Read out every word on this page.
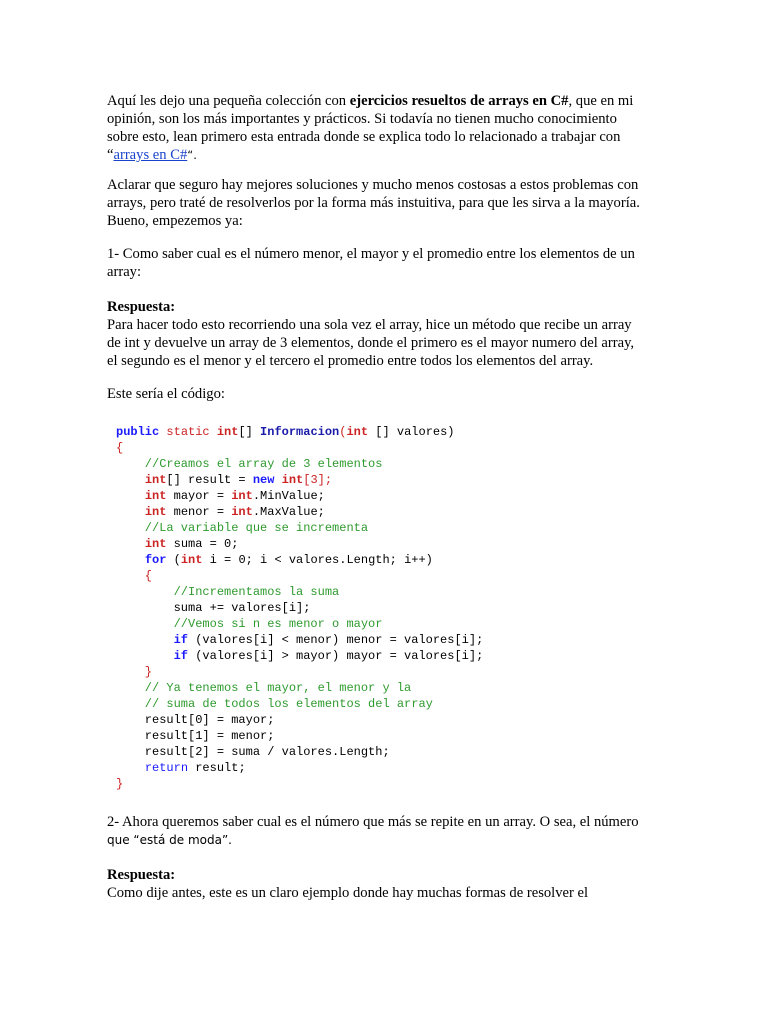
Aquí les dejo una pequeña colección con ejercicios resueltos de arrays en C#, que en mi
opinión, son los más importantes y prácticos. Si todavía no tienen mucho conocimiento
sobre esto, lean primero esta entrada donde se explica todo lo relacionado a trabajar con
“arrays en C#“.
Aclarar que seguro hay mejores soluciones y mucho menos costosas a estos problemas con
arrays, pero traté de resolverlos por la forma más instuitiva, para que les sirva a la mayoría.
Bueno, empezemos ya:
1- Como saber cual es el número menor, el mayor y el promedio entre los elementos de un
array:
Respuesta:
Para hacer todo esto recorriendo una sola vez el array, hice un método que recibe un array
de int y devuelve un array de 3 elementos, donde el primero es el mayor numero del array,
el segundo es el menor y el tercero el promedio entre todos los elementos del array.
Este sería el código:
public static int[] Informacion(int [] valores)
{
//Creamos el array de 3 elementos
int[] result = new int[3];
int mayor = int.MinValue;
int menor = int.MaxValue;
//La variable que se incrementa
int suma = 0;
for (int i = 0; i < valores.Length; i++)
{
//Incrementamos la suma
suma += valores[i];
//Vemos si n es menor o mayor
if (valores[i] < menor) menor = valores[i];
if (valores[i] > mayor) mayor = valores[i];
}
// Ya tenemos el mayor, el menor y la
// suma de todos los elementos del array
result[0] = mayor;
result[1] = menor;
result[2] = suma / valores.Length;
return result;
}
2- Ahora queremos saber cual es el número que más se repite en un array. O sea, el número
que “está de moda”.
Respuesta:
Como dije antes, este es un claro ejemplo donde hay muchas formas de resolver el
